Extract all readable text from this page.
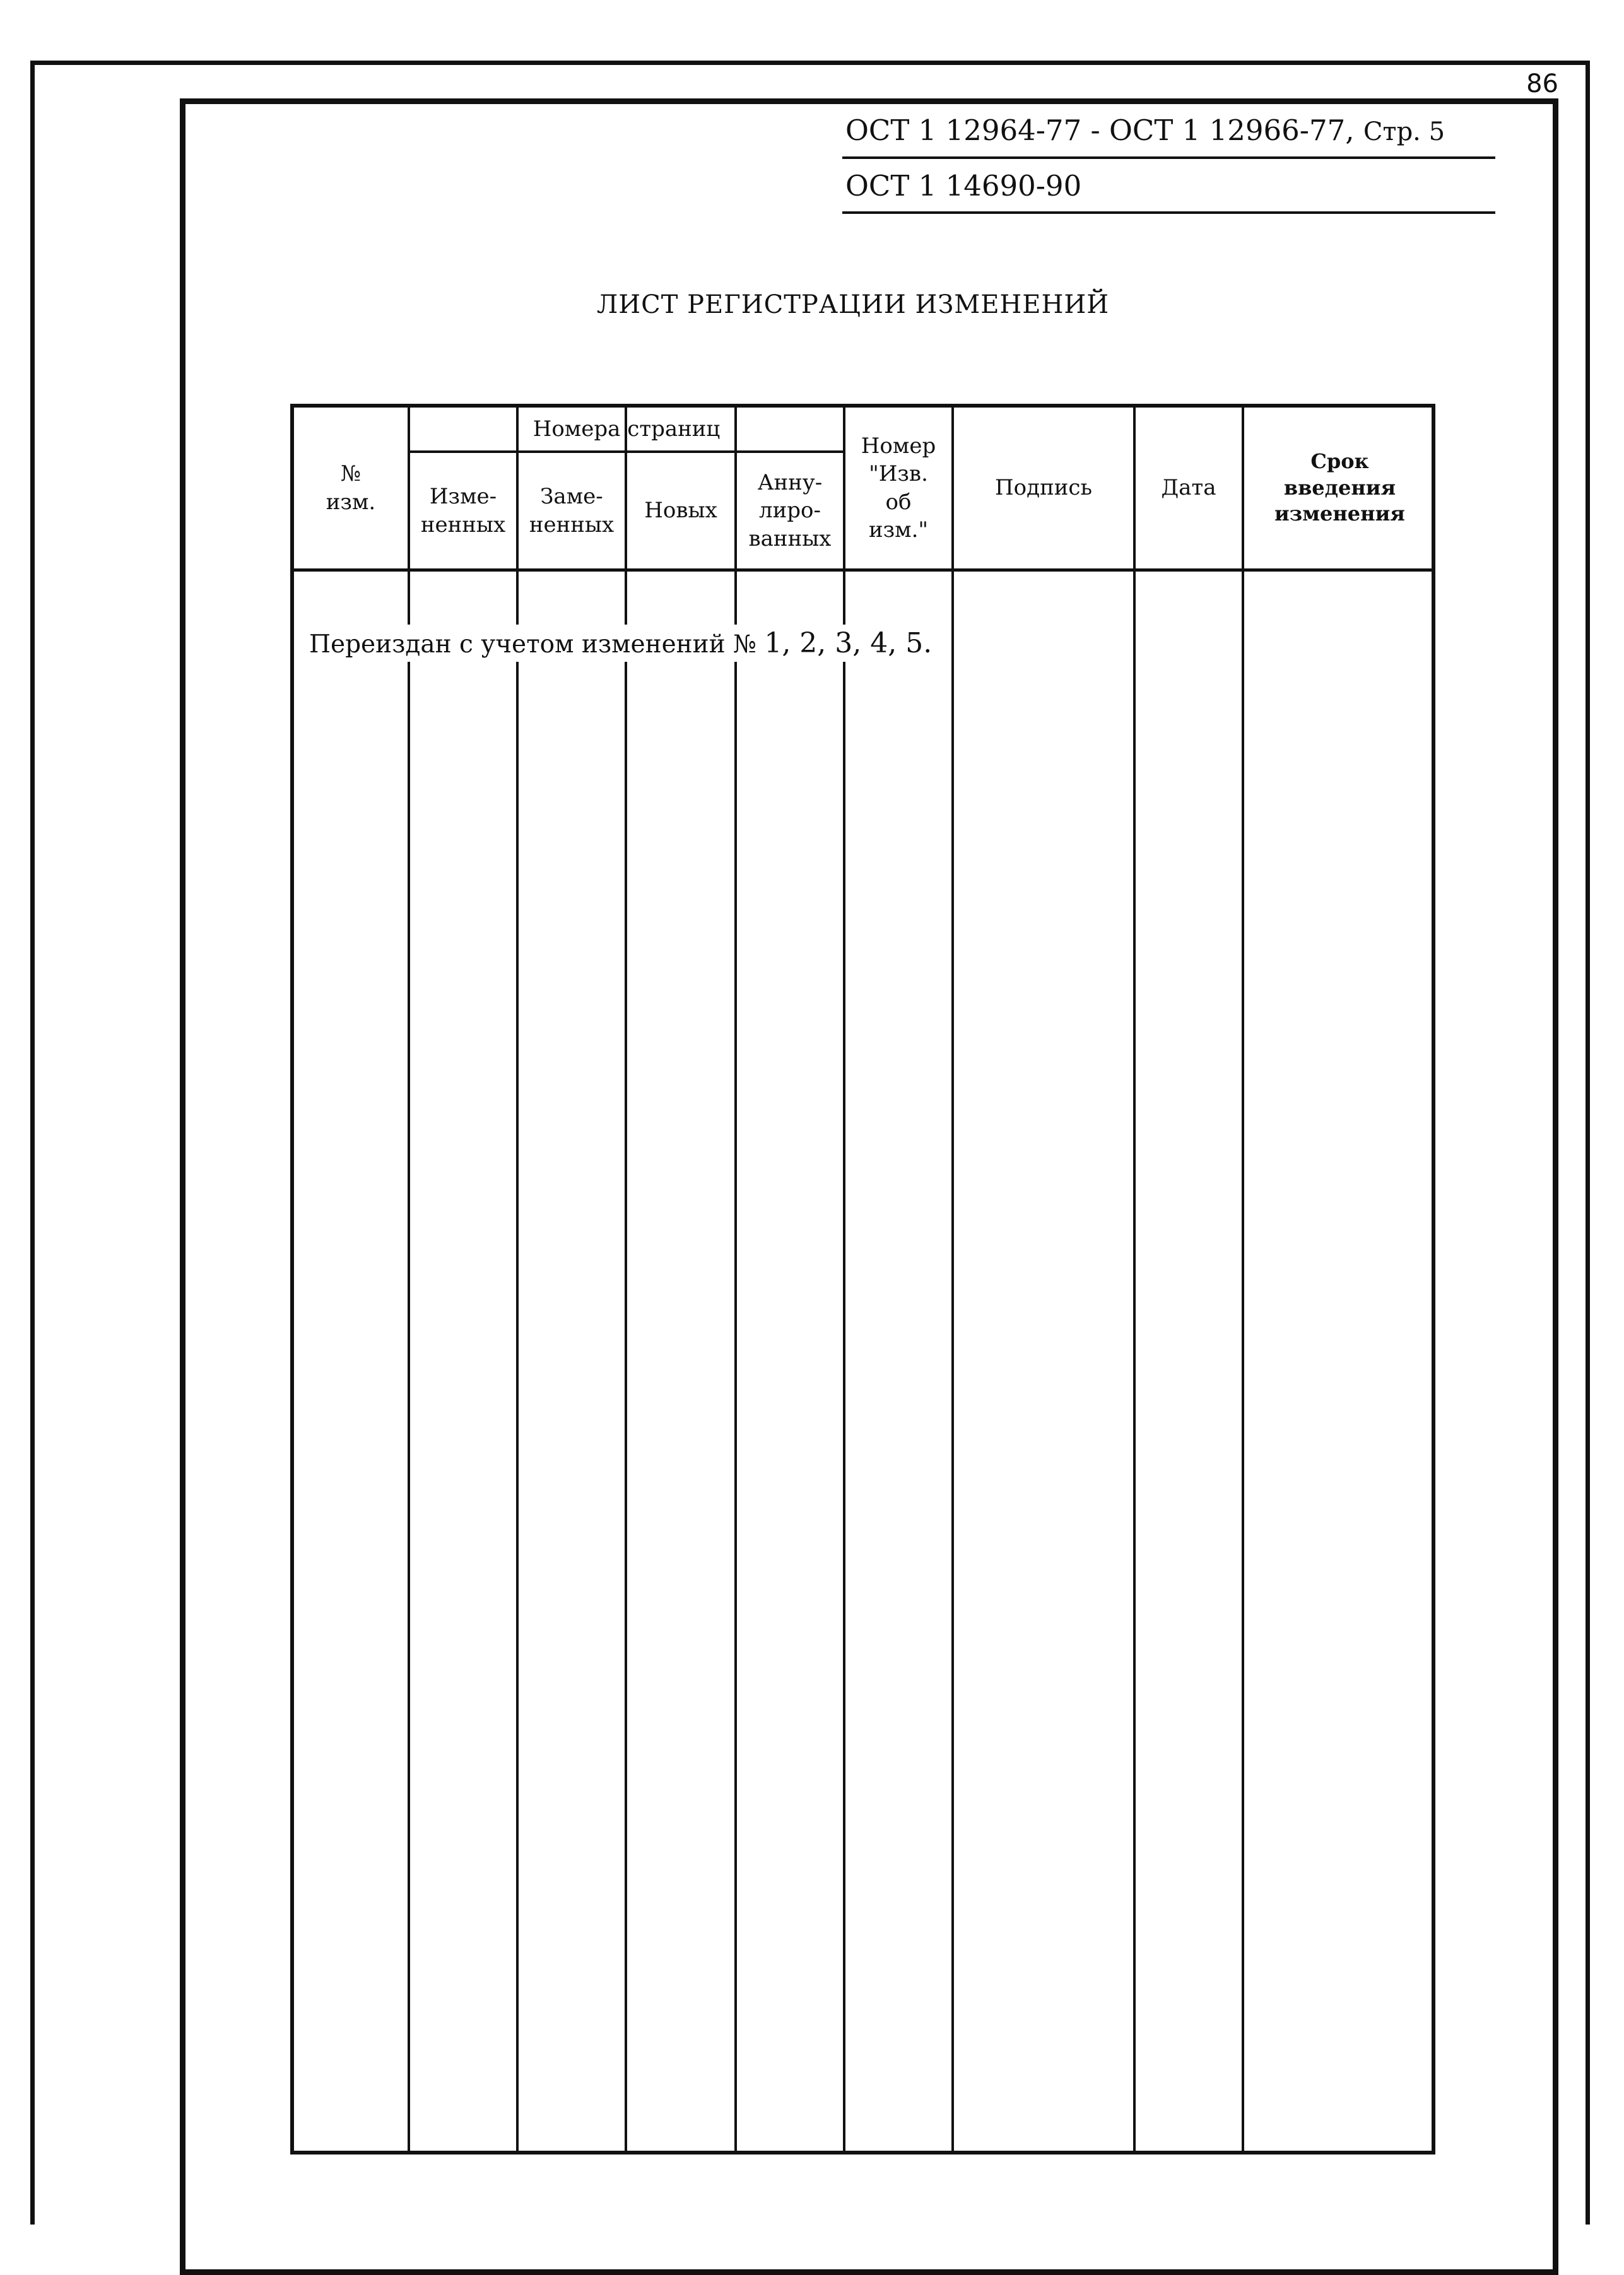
86
ОСТ 1 12964-77 - ОСТ 1 12966-77, Стр. 5
ОСТ 1 14690-90
ЛИСТ РЕГИСТРАЦИИ ИЗМЕНЕНИЙ
№
изм.
Номера страниц
Изме-
ненных
Заме-
ненных
Новых
Анну-
лиро-
ванных
Номер
"Изв.
об
изм."
Подпись	Дата
Срок
введения
изменения
Переиздан с учетом изменений № 1, 2, 3, 4, 5.
